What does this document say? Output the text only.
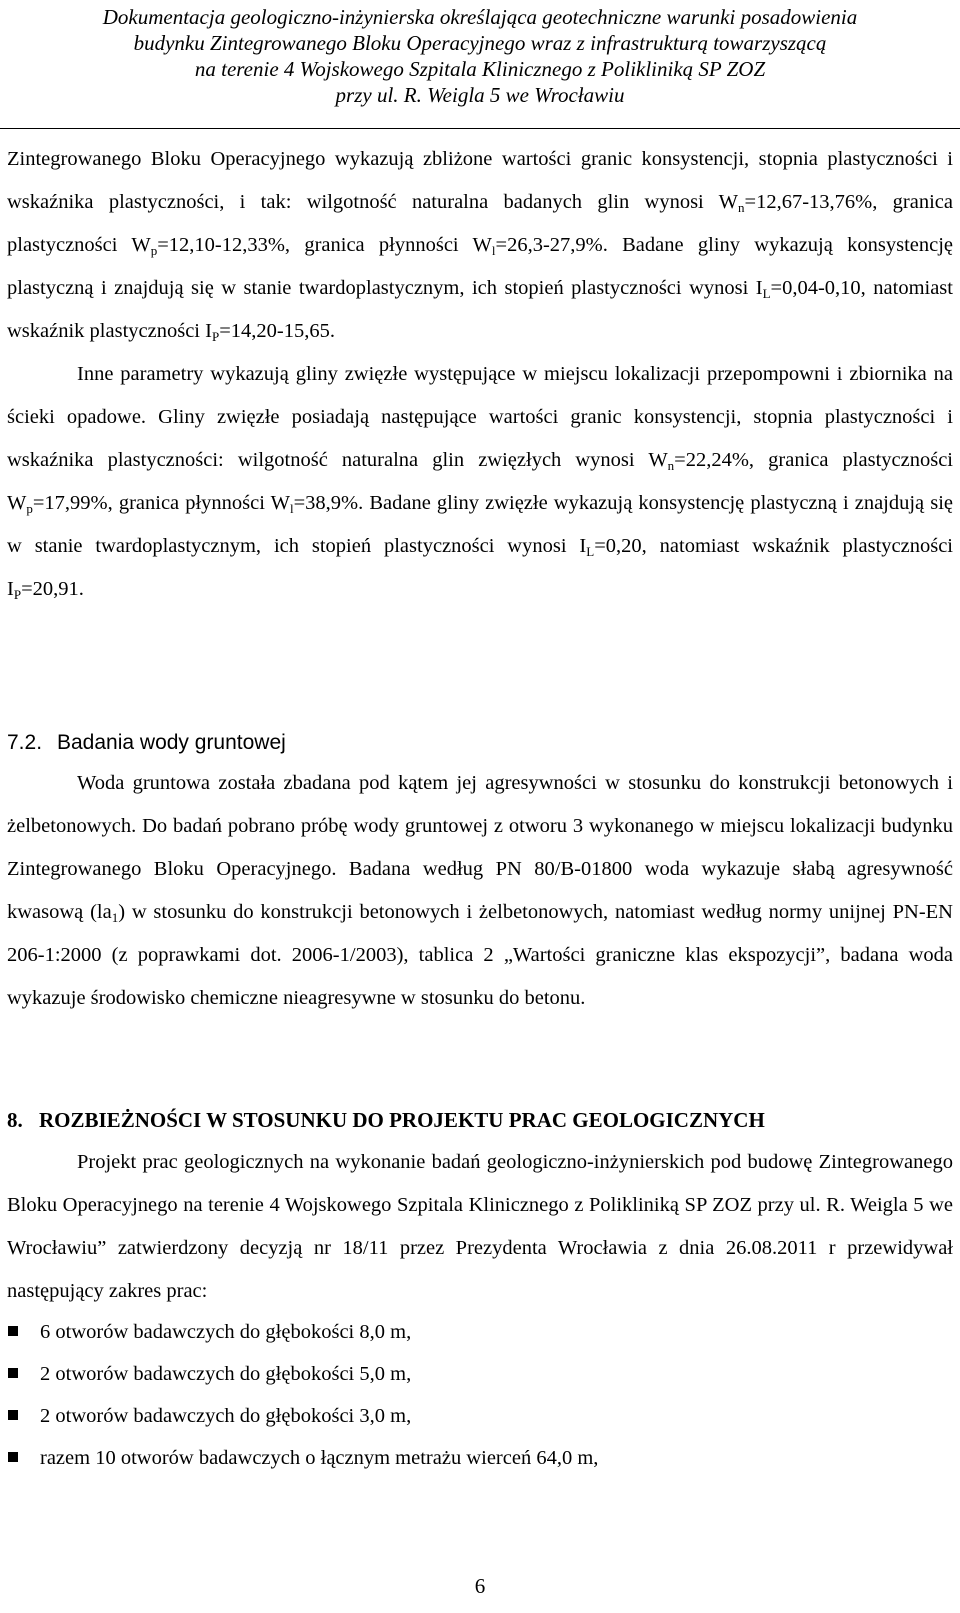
Dokumentacja geologiczno-inżynierska określająca geotechniczne warunki posadowienia
budynku Zintegrowanego Bloku Operacyjnego wraz z infrastrukturą towarzyszącą
na terenie 4 Wojskowego Szpitala Klinicznego z Polikliniką SP ZOZ
przy ul. R. Weigla 5 we Wrocławiu

Zintegrowanego Bloku Operacyjnego wykazują zbliżone wartości granic konsystencji, stopnia plastyczności i wskaźnika plastyczności, i tak: wilgotność naturalna badanych glin wynosi $W_n=12,67-13,76\%$, granica plastyczności $W_p=12,10-12,33\%$, granica płynności $W_l=26,3-27,9\%$. Badane gliny wykazują konsystencję plastyczną i znajdują się w stanie twardoplastycznym, ich stopień plastyczności wynosi $I_L=0,04-0,10$, natomiast wskaźnik plastyczności $I_P=14,20-15,65$.

Inne parametry wykazują gliny zwięzłe występujące w miejscu lokalizacji przepompowni i zbiornika na ścieki opadowe. Gliny zwięzłe posiadają następujące wartości granic konsystencji, stopnia plastyczności i wskaźnika plastyczności: wilgotność naturalna glin zwięzłych wynosi $W_n=22,24\%$, granica plastyczności $W_p=17,99\%$, granica płynności $W_l=38,9\%$. Badane gliny zwięzłe wykazują konsystencję plastyczną i znajdują się w stanie twardoplastycznym, ich stopień plastyczności wynosi $I_L=0,20$, natomiast wskaźnik plastyczności $I_P=20,91$.

7.2. Badania wody gruntowej

Woda gruntowa została zbadana pod kątem jej agresywności w stosunku do konstrukcji betonowych i żelbetonowych. Do badań pobrano próbę wody gruntowej z otworu 3 wykonanego w miejscu lokalizacji budynku Zintegrowanego Bloku Operacyjnego. Badana według PN 80/B-01800 woda wykazuje słabą agresywność kwasową $(la_1)$ w stosunku do konstrukcji betonowych i żelbetonowych, natomiast według normy unijnej PN-EN 206-1:2000 (z poprawkami dot. 2006-1/2003), tablica 2 „Wartości graniczne klas ekspozycji”, badana woda wykazuje środowisko chemiczne nieagresywne w stosunku do betonu.

8. ROZBIEŻNOŚCI W STOSUNKU DO PROJEKTU PRAC GEOLOGICZNYCH

Projekt prac geologicznych na wykonanie badań geologiczno-inżynierskich pod budowę Zintegrowanego Bloku Operacyjnego na terenie 4 Wojskowego Szpitala Klinicznego z Polikliniką SP ZOZ przy ul. R. Weigla 5 we Wrocławiu” zatwierdzony decyzją nr 18/11 przez Prezydenta Wrocławia z dnia 26.08.2011 r przewidywał następujący zakres prac:

6 otworów badawczych do głębokości 8,0 m,
2 otworów badawczych do głębokości 5,0 m,
2 otworów badawczych do głębokości 3,0 m,
razem 10 otworów badawczych o łącznym metrażu wierceń 64,0 m,
6
